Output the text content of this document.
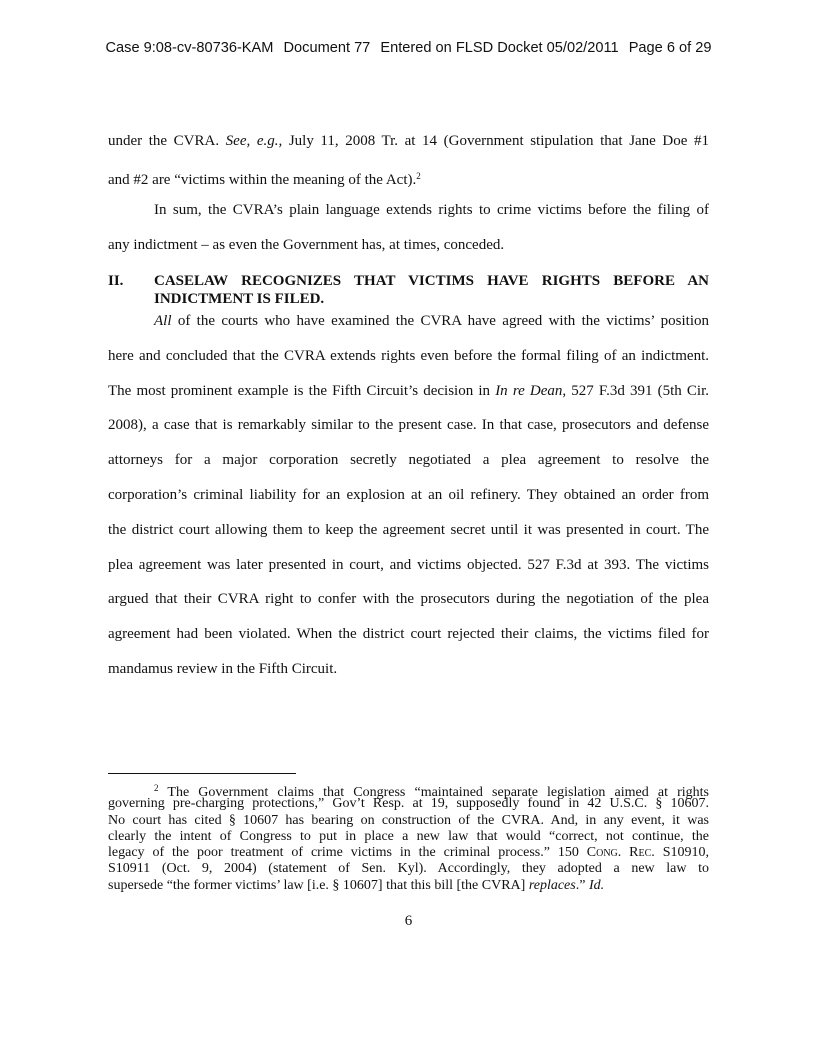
Case 9:08-cv-80736-KAM Document 77 Entered on FLSD Docket 05/02/2011 Page 6 of 29
under the CVRA. See, e.g., July 11, 2008 Tr. at 14 (Government stipulation that Jane Doe #1
and #2 are “victims within the meaning of the Act).$^2$
In sum, the CVRA’s plain language extends rights to crime victims before the filing of
any indictment – as even the Government has, at times, conceded.
II. CASELAW RECOGNIZES THAT VICTIMS HAVE RIGHTS BEFORE AN
INDICTMENT IS FILED.
All of the courts who have examined the CVRA have agreed with the victims’ position
here and concluded that the CVRA extends rights even before the formal filing of an indictment.
The most prominent example is the Fifth Circuit’s decision in In re Dean, 527 F.3d 391 (5th Cir.
2008), a case that is remarkably similar to the present case. In that case, prosecutors and defense
attorneys for a major corporation secretly negotiated a plea agreement to resolve the
corporation’s criminal liability for an explosion at an oil refinery. They obtained an order from
the district court allowing them to keep the agreement secret until it was presented in court. The
plea agreement was later presented in court, and victims objected. 527 F.3d at 393. The victims
argued that their CVRA right to confer with the prosecutors during the negotiation of the plea
agreement had been violated. When the district court rejected their claims, the victims filed for
mandamus review in the Fifth Circuit.
$^2$ The Government claims that Congress “maintained separate legislation aimed at rights
governing pre-charging protections,” Gov’t Resp. at 19, supposedly found in 42 U.S.C. § 10607.
No court has cited § 10607 has bearing on construction of the CVRA. And, in any event, it was
clearly the intent of Congress to put in place a new law that would “correct, not continue, the
legacy of the poor treatment of crime victims in the criminal process.” 150 Cong. Rec. S10910,
S10911 (Oct. 9, 2004) (statement of Sen. Kyl). Accordingly, they adopted a new law to
supersede “the former victims’ law [i.e. § 10607] that this bill [the CVRA] replaces.” Id.
6
